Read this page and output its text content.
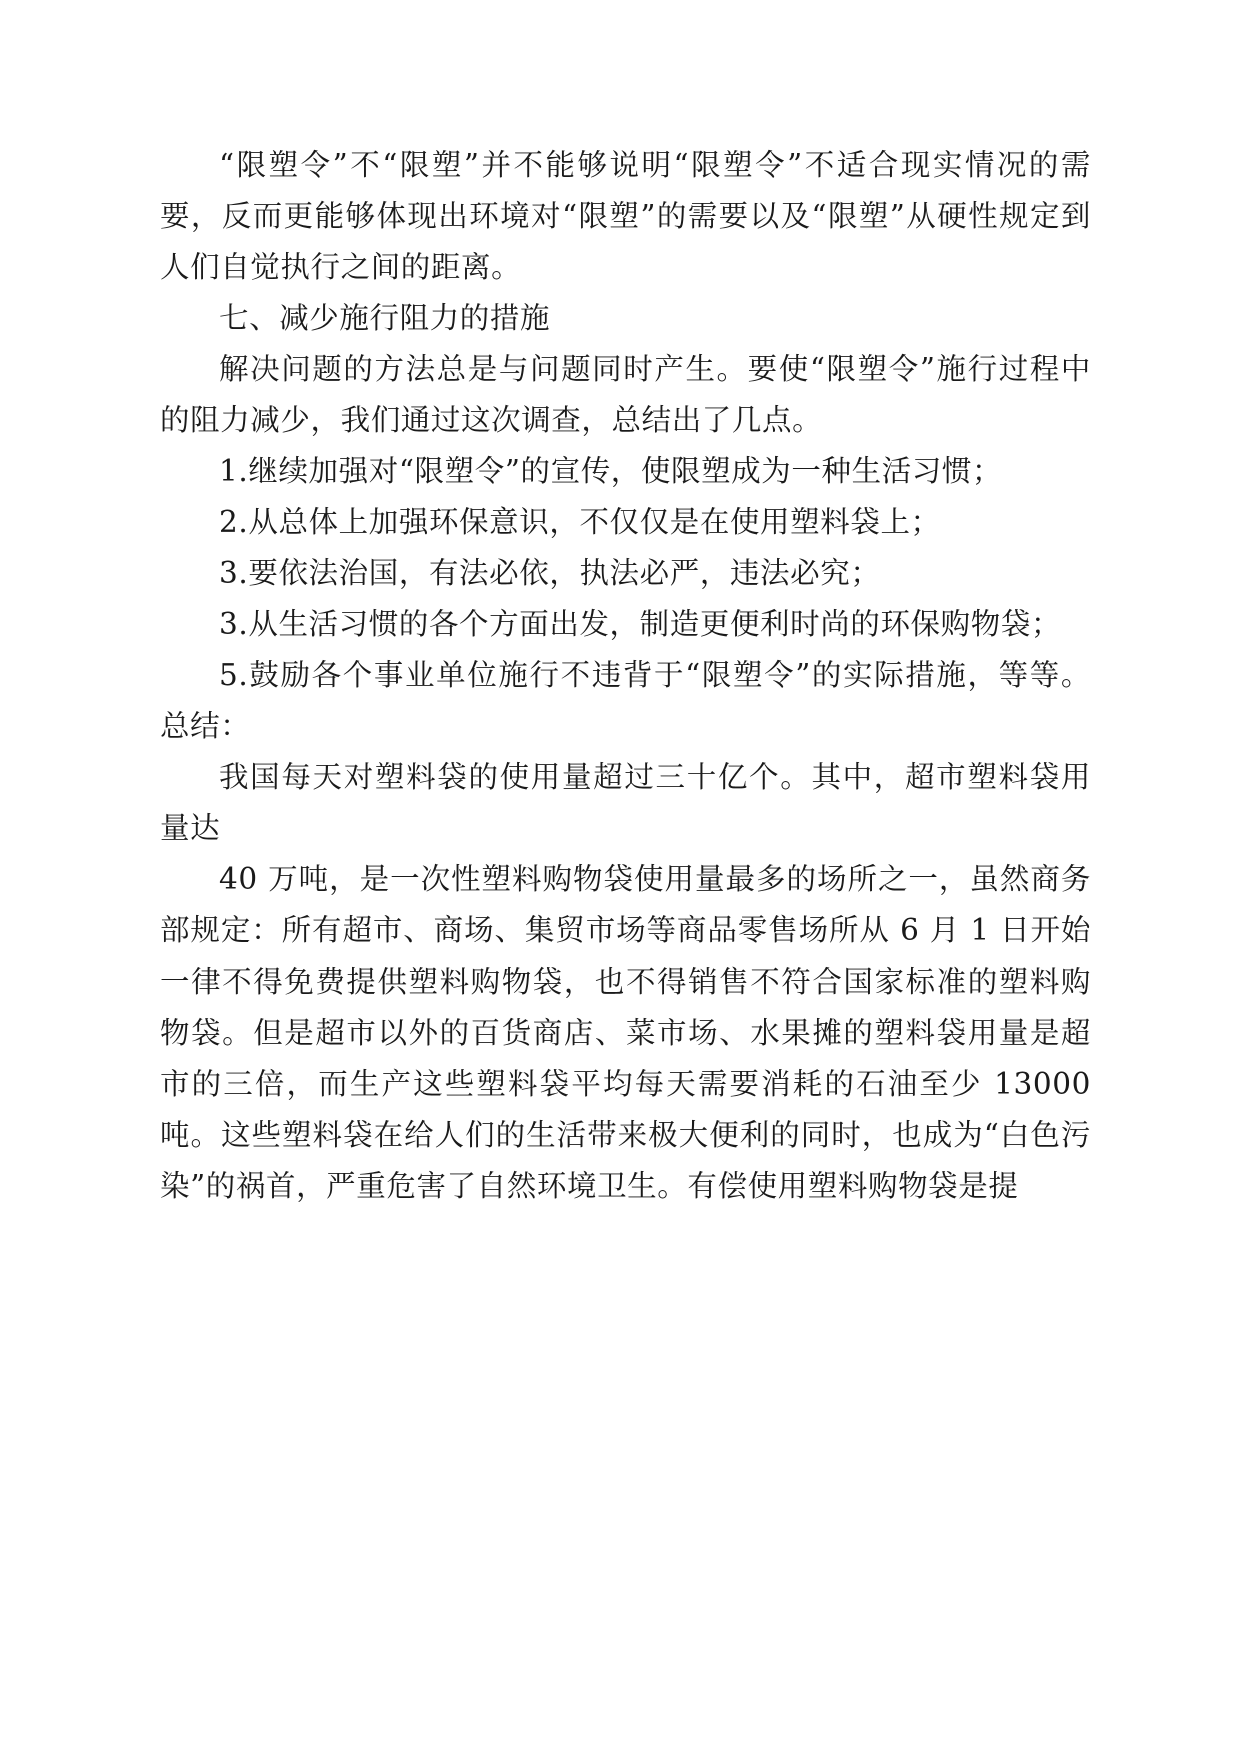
“限塑令”不“限塑”并不能够说明“限塑令”不适合现实情况的需要，反而更能够体现出环境对“限塑”的需要以及“限塑”从硬性规定到人们自觉执行之间的距离。

七、减少施行阻力的措施

解决问题的方法总是与问题同时产生。要使“限塑令”施行过程中的阻力减少，我们通过这次调查，总结出了几点。

1.继续加强对“限塑令”的宣传，使限塑成为一种生活习惯；

2.从总体上加强环保意识，不仅仅是在使用塑料袋上；

3.要依法治国，有法必依，执法必严，违法必究；

3.从生活习惯的各个方面出发，制造更便利时尚的环保购物袋；

5.鼓励各个事业单位施行不违背于“限塑令”的实际措施，等等。 总结：

我国每天对塑料袋的使用量超过三十亿个。其中，超市塑料袋用量达

40 万吨，是一次性塑料购物袋使用量最多的场所之一，虽然商务部规定：所有超市、商场、集贸市场等商品零售场所从 6 月 1 日开始一律不得免费提供塑料购物袋，也不得销售不符合国家标准的塑料购物袋。但是超市以外的百货商店、菜市场、水果摊的塑料袋用量是超市的三倍，而生产这些塑料袋平均每天需要消耗的石油至少 13000 吨。这些塑料袋在给人们的生活带来极大便利的同时，也成为“白色污染”的祸首，严重危害了自然环境卫生。有偿使用塑料购物袋是提
